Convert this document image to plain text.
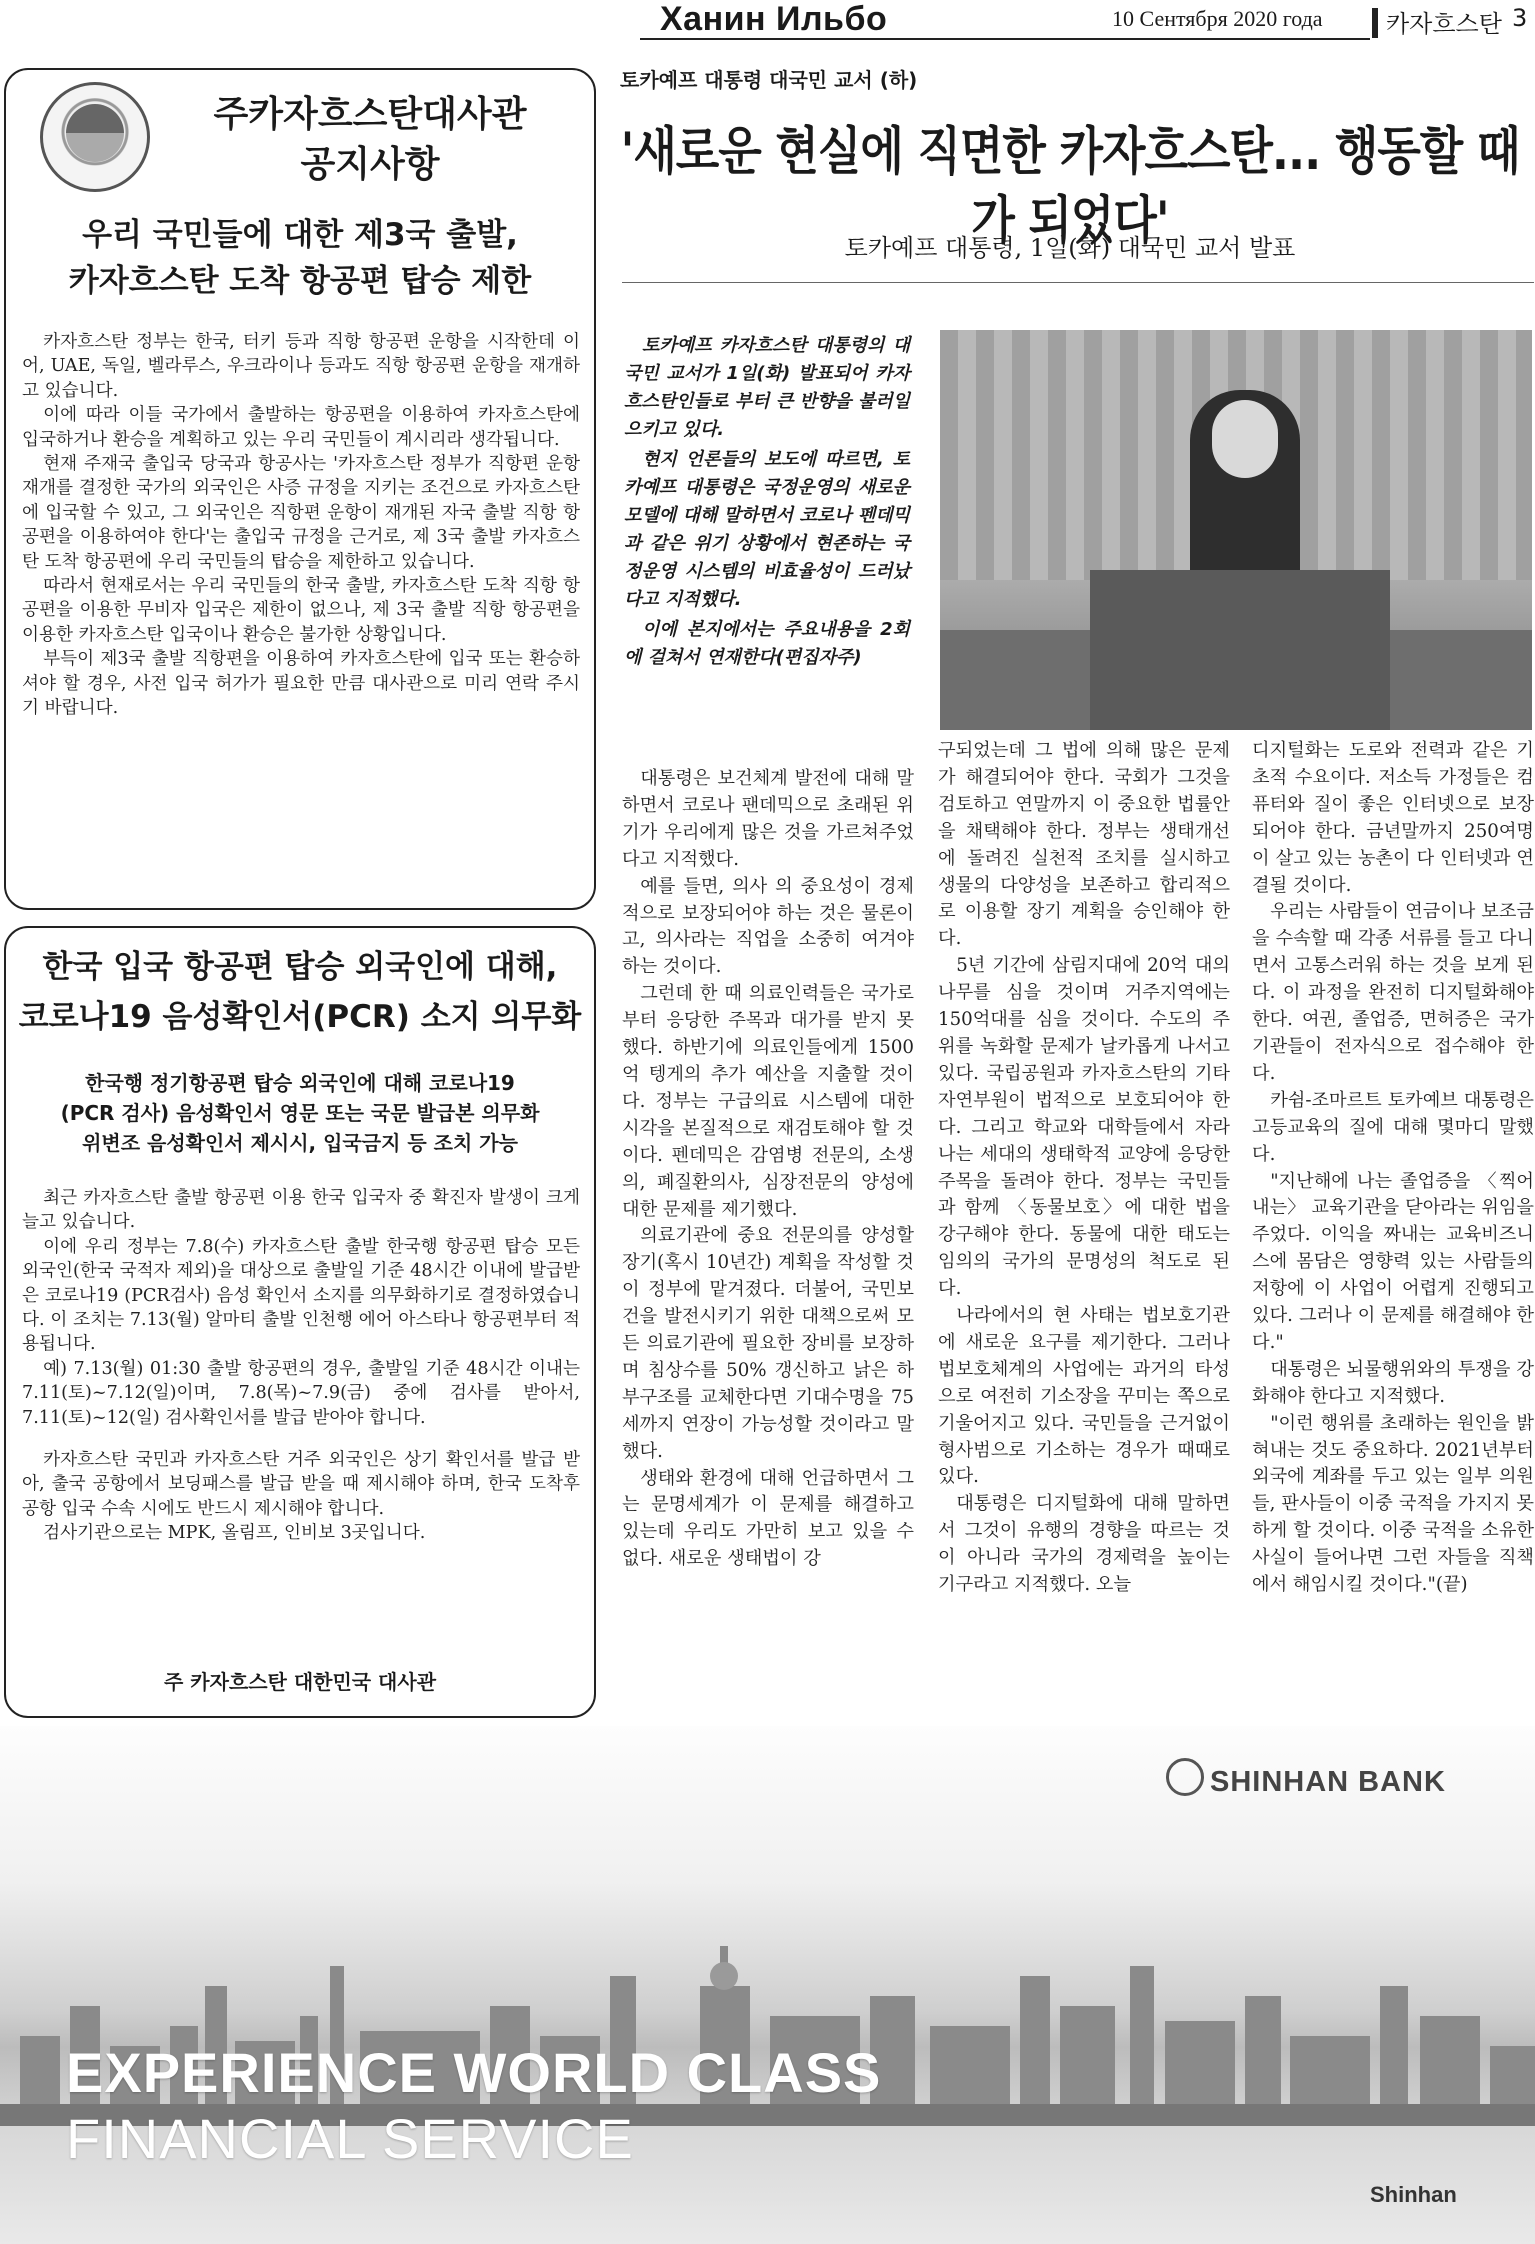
Ханин Ильбо	10 Сентября 2020 года	카자흐스탄 3
주카자흐스탄대사관
공지사항
우리 국민들에 대한 제3국 출발,
카자흐스탄 도착 항공편 탑승 제한

카자흐스탄 정부는 한국, 터키 등과 직항 항공편 운항을 시작한데 이어, UAE, 독일, 벨라루스, 우크라이나 등과도 직항 항공편 운항을 재개하고 있습니다.

이에 따라 이들 국가에서 출발하는 항공편을 이용하여 카자흐스탄에 입국하거나 환승을 계획하고 있는 우리 국민들이 계시리라 생각됩니다.

현재 주재국 출입국 당국과 항공사는 '카자흐스탄 정부가 직항편 운항 재개를 결정한 국가의 외국인은 사증 규정을 지키는 조건으로 카자흐스탄에 입국할 수 있고, 그 외국인은 직항편 운항이 재개된 자국 출발 직항 항공편을 이용하여야 한다'는 출입국 규정을 근거로, 제 3국 출발 카자흐스탄 도착 항공편에 우리 국민들의 탑승을 제한하고 있습니다.

따라서 현재로서는 우리 국민들의 한국 출발, 카자흐스탄 도착 직항 항공편을 이용한 무비자 입국은 제한이 없으나, 제 3국 출발 직항 항공편을 이용한 카자흐스탄 입국이나 환승은 불가한 상황입니다.

부득이 제3국 출발 직항편을 이용하여 카자흐스탄에 입국 또는 환승하셔야 할 경우, 사전 입국 허가가 필요한 만큼 대사관으로 미리 연락 주시기 바랍니다.

한국 입국 항공편 탑승 외국인에 대해,
코로나19 음성확인서(PCR) 소지 의무화
한국행 정기항공편 탑승 외국인에 대해 코로나19
(PCR 검사) 음성확인서 영문 또는 국문 발급본 의무화
위변조 음성확인서 제시시, 입국금지 등 조치 가능

최근 카자흐스탄 출발 항공편 이용 한국 입국자 중 확진자 발생이 크게 늘고 있습니다.

이에 우리 정부는 7.8(수) 카자흐스탄 출발 한국행 항공편 탑승 모든 외국인(한국 국적자 제외)을 대상으로 출발일 기준 48시간 이내에 발급받은 코로나19 (PCR검사) 음성 확인서 소지를 의무화하기로 결정하였습니다. 이 조치는 7.13(월) 알마티 출발 인천행 에어 아스타나 항공편부터 적용됩니다.

예) 7.13(월) 01:30 출발 항공편의 경우, 출발일 기준 48시간 이내는 7.11(토)~7.12(일)이며, 7.8(목)~7.9(금) 중에 검사를 받아서, 7.11(토)~12(일) 검사확인서를 발급 받아야 합니다.

카자흐스탄 국민과 카자흐스탄 거주 외국인은 상기 확인서를 발급 받아, 출국 공항에서 보딩패스를 발급 받을 때 제시해야 하며, 한국 도착후 공항 입국 수속 시에도 반드시 제시해야 합니다.

검사기관으로는 MPK, 올림프, 인비보 3곳입니다.

주 카자흐스탄 대한민국 대사관
토카예프 대통령 대국민 교서 (하)
'새로운 현실에 직면한 카자흐스탄... 행동할 때가 되었다'
토카예프 대통령, 1일(화) 대국민 교서 발표

토카예프 카자흐스탄 대통령의 대국민 교서가 1일(화) 발표되어 카자흐스탄인들로 부터 큰 반향을 불러일으키고 있다.

현지 언론들의 보도에 따르면, 토카예프 대통령은 국정운영의 새로운 모델에 대해 말하면서 코로나 펜데믹과 같은 위기 상황에서 현존하는 국정운영 시스템의 비효율성이 드러났다고 지적했다.

이에 본지에서는 주요내용을 2회에 걸쳐서 연재한다(편집자주)

대통령은 보건체계 발전에 대해 말하면서 코로나 팬데믹으로 초래된 위기가 우리에게 많은 것을 가르쳐주었다고 지적했다.

예를 들면, 의사 의 중요성이 경제적으로 보장되어야 하는 것은 물론이고, 의사라는 직업을 소중히 여겨야 하는 것이다.

그런데 한 때 의료인력들은 국가로 부터 응당한 주목과 대가를 받지 못했다. 하반기에 의료인들에게 1500억 텡게의 추가 예산을 지출할 것이다. 정부는 구급의료 시스템에 대한 시각을 본질적으로 재검토해야 할 것이다. 펜데믹은 감염병 전문의, 소생의, 폐질환의사, 심장전문의 양성에 대한 문제를 제기했다.

의료기관에 중요 전문의를 양성할 장기(혹시 10년간) 계획을 작성할 것이 정부에 맡겨졌다. 더불어, 국민보건을 발전시키기 위한 대책으로써 모든 의료기관에 필요한 장비를 보장하며 침상수를 50% 갱신하고 낡은 하부구조를 교체한다면 기대수명을 75세까지 연장이 가능성할 것이라고 말했다.

생태와 환경에 대해 언급하면서 그는 문명세계가 이 문제를 해결하고 있는데 우리도 가만히 보고 있을 수 없다. 새로운 생태법이 강

구되었는데 그 법에 의해 많은 문제가 해결되어야 한다. 국회가 그것을 검토하고 연말까지 이 중요한 법률안을 채택해야 한다. 정부는 생태개선에 돌려진 실천적 조치를 실시하고 생물의 다양성을 보존하고 합리적으로 이용할 장기 계획을 승인해야 한다.

5년 기간에 삼림지대에 20억 대의 나무를 심을 것이며 거주지역에는 150억대를 심을 것이다. 수도의 주위를 녹화할 문제가 날카롭게 나서고 있다. 국립공원과 카자흐스탄의 기타 자연부원이 법적으로 보호되어야 한다. 그리고 학교와 대학들에서 자라나는 세대의 생태학적 교양에 응당한 주목을 돌려야 한다. 정부는 국민들과 함께 〈동물보호〉에 대한 법을 강구해야 한다. 동물에 대한 태도는 임의의 국가의 문명성의 척도로 된다.

나라에서의 현 사태는 법보호기관에 새로운 요구를 제기한다. 그러나 법보호체계의 사업에는 과거의 타성으로 여전히 기소장을 꾸미는 쪽으로 기울어지고 있다. 국민들을 근거없이 형사범으로 기소하는 경우가 때때로 있다.

대통령은 디지털화에 대해 말하면서 그것이 유행의 경향을 따르는 것이 아니라 국가의 경제력을 높이는 기구라고 지적했다. 오늘

디지털화는 도로와 전력과 같은 기초적 수요이다. 저소득 가정들은 컴퓨터와 질이 좋은 인터넷으로 보장되어야 한다. 금년말까지 250여명이 살고 있는 농촌이 다 인터넷과 연결될 것이다.

우리는 사람들이 연금이나 보조금을 수속할 때 각종 서류를 들고 다니면서 고통스러워 하는 것을 보게 된다. 이 과정을 완전히 디지털화해야 한다. 여권, 졸업증, 면허증은 국가기관들이 전자식으로 접수해야 한다.

카쉼-조마르트 토카예브 대통령은 고등교육의 질에 대해 몇마디 말했다.

"지난해에 나는 졸업증을 〈찍어내는〉 교육기관을 닫아라는 위임을 주었다. 이익을 짜내는 교육비즈니스에 몸담은 영향력 있는 사람들의 저항에 이 사업이 어렵게 진행되고 있다. 그러나 이 문제를 해결해야 한다."

대통령은 뇌물행위와의 투쟁을 강화해야 한다고 지적했다.

"이런 행위를 초래하는 원인을 밝혀내는 것도 중요하다. 2021년부터 외국에 계좌를 두고 있는 일부 의원들, 판사들이 이중 국적을 가지지 못하게 할 것이다. 이중 국적을 소유한 사실이 들어나면 그런 자들을 직책에서 해임시킬 것이다."(끝)

SHINHAN BANK
EXPERIENCE WORLD CLASS
FINANCIAL SERVICE
Shinhan
